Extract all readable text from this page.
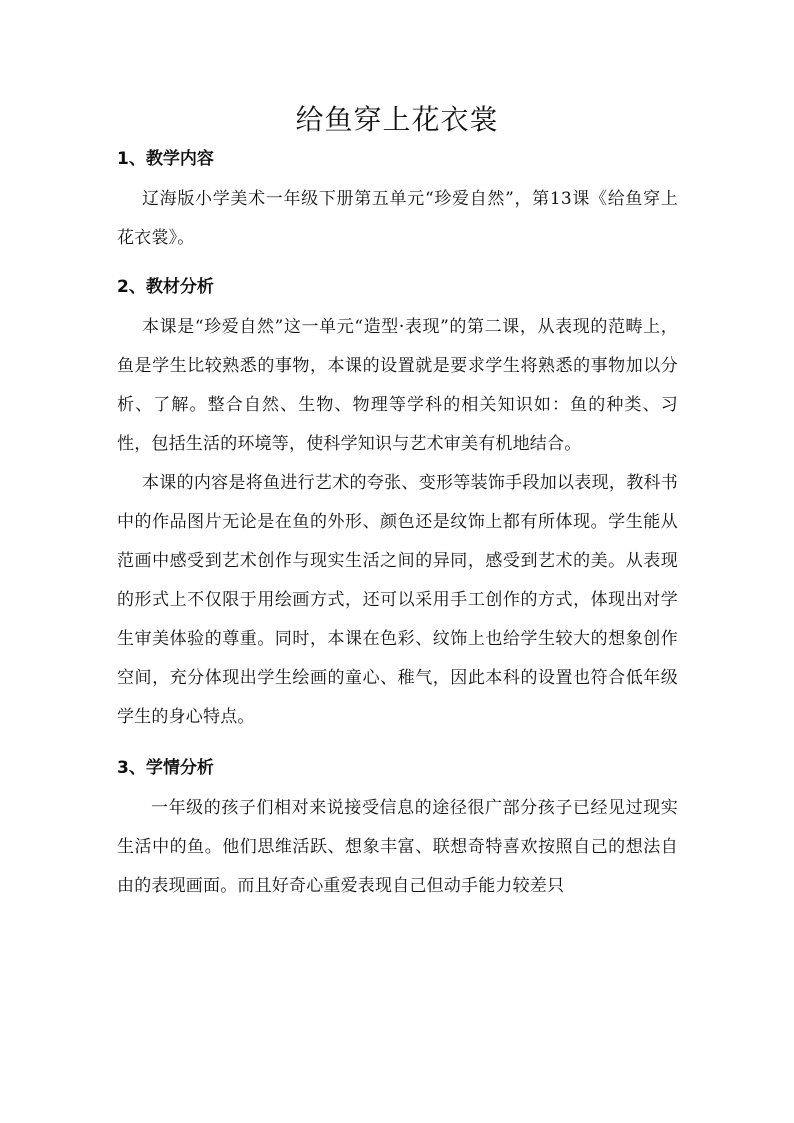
给鱼穿上花衣裳
1、教学内容

辽海版小学美术一年级下册第五单元“珍爱自然”，第13课《给鱼穿上花衣裳》。

2、教材分析

本课是“珍爱自然”这一单元“造型·表现”的第二课，从表现的范畴上，鱼是学生比较熟悉的事物，本课的设置就是要求学生将熟悉的事物加以分析、了解。整合自然、生物、物理等学科的相关知识如：鱼的种类、习性，包括生活的环境等，使科学知识与艺术审美有机地结合。

本课的内容是将鱼进行艺术的夸张、变形等装饰手段加以表现，教科书中的作品图片无论是在鱼的外形、颜色还是纹饰上都有所体现。学生能从范画中感受到艺术创作与现实生活之间的异同，感受到艺术的美。从表现的形式上不仅限于用绘画方式，还可以采用手工创作的方式，体现出对学生审美体验的尊重。同时，本课在色彩、纹饰上也给学生较大的想象创作空间，充分体现出学生绘画的童心、稚气，因此本科的设置也符合低年级学生的身心特点。

3、学情分析

一年级的孩子们相对来说接受信息的途径很广部分孩子已经见过现实生活中的鱼。他们思维活跃、想象丰富、联想奇特喜欢按照自己的想法自由的表现画面。而且好奇心重爱表现自己但动手能力较差只
